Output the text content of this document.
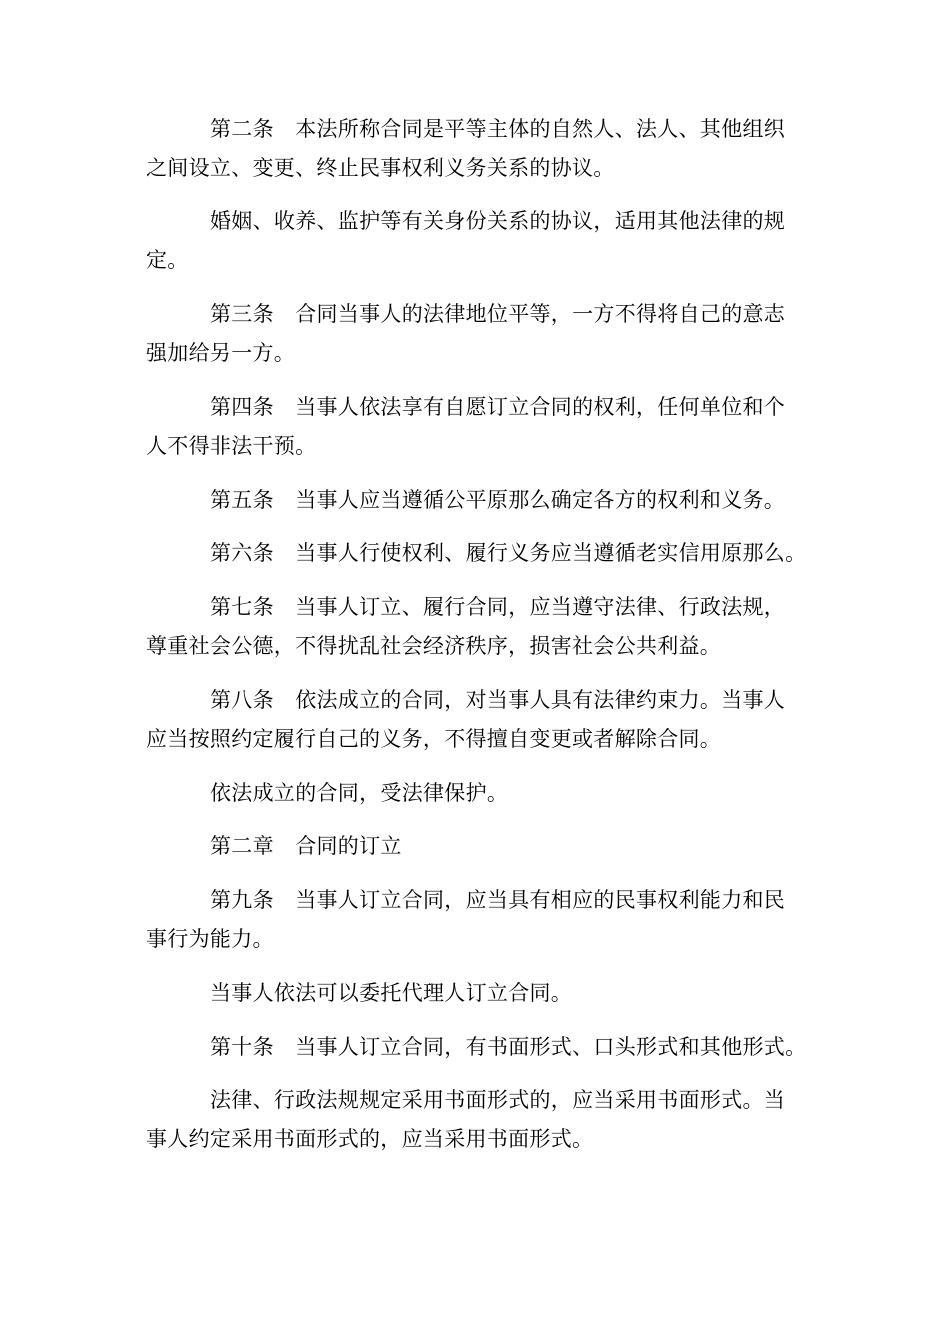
第二条　本法所称合同是平等主体的自然人、法人、其他组织
之间设立、变更、终止民事权利义务关系的协议。

婚姻、收养、监护等有关身份关系的协议，适用其他法律的规
定。

第三条　合同当事人的法律地位平等，一方不得将自己的意志
强加给另一方。

第四条　当事人依法享有自愿订立合同的权利，任何单位和个
人不得非法干预。

第五条　当事人应当遵循公平原那么确定各方的权利和义务。

第六条　当事人行使权利、履行义务应当遵循老实信用原那么。

第七条　当事人订立、履行合同，应当遵守法律、行政法规，
尊重社会公德，不得扰乱社会经济秩序，损害社会公共利益。

第八条　依法成立的合同，对当事人具有法律约束力。当事人
应当按照约定履行自己的义务，不得擅自变更或者解除合同。

依法成立的合同，受法律保护。

第二章　合同的订立

第九条　当事人订立合同，应当具有相应的民事权利能力和民
事行为能力。

当事人依法可以委托代理人订立合同。

第十条　当事人订立合同，有书面形式、口头形式和其他形式。

法律、行政法规规定采用书面形式的，应当采用书面形式。当
事人约定采用书面形式的，应当采用书面形式。
